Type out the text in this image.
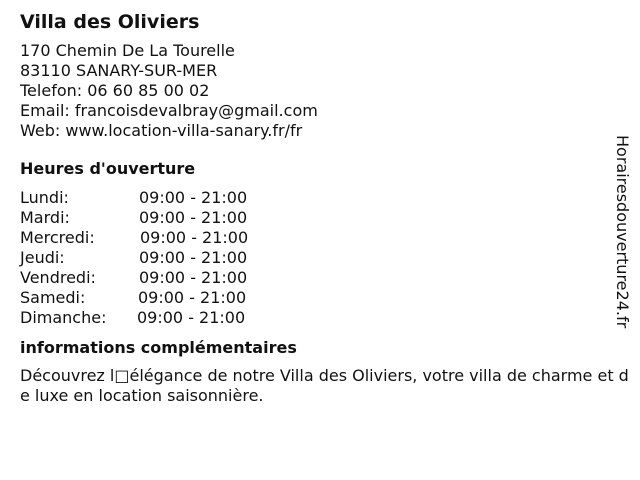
Villa des Oliviers
170 Chemin De La Tourelle
83110 SANARY-SUR-MER
Telefon: 06 60 85 00 02
Email: francoisdevalbray@gmail.com
Web: www.location-villa-sanary.fr/fr
Heures d'ouverture
Lundi:	09:00 - 21:00
Mardi:	09:00 - 21:00
Mercredi:	09:00 - 21:00
Jeudi:	09:00 - 21:00
Vendredi:	09:00 - 21:00
Samedi:	09:00 - 21:00
Dimanche: 09:00 - 21:00
informations complémentaires
Découvrez l□élégance de notre Villa des Oliviers, votre villa de charme et de luxe en location saisonnière.
Horairesdouverture24.fr
